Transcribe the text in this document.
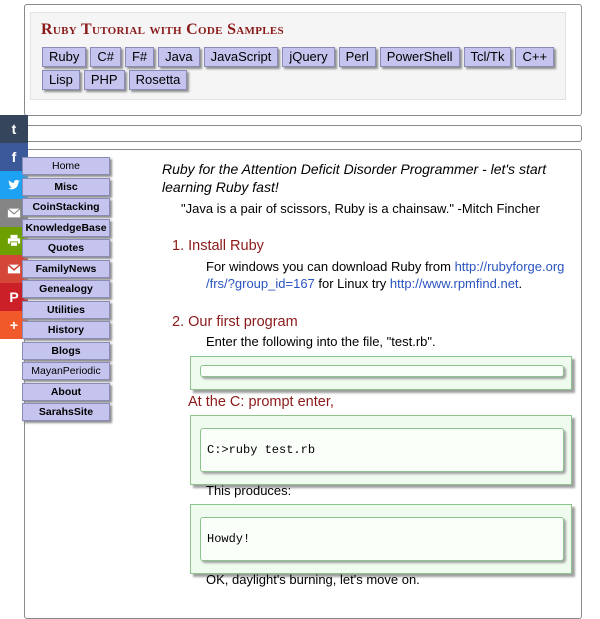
Ruby Tutorial with Code Samples
Ruby	C#	F#	Java	JavaScript	jQuery	Perl	PowerShell	Tcl/Tk	C++
Lisp	PHP	Rosetta
t
f
P
+
Home
Misc
CoinStacking
KnowledgeBase
Quotes
FamilyNews
Genealogy
Utilities
History
Blogs
MayanPeriodic
About
SarahsSite
Ruby for the Attention Deficit Disorder Programmer - let's start learning Ruby fast!
"Java is a pair of scissors, Ruby is a chainsaw." -Mitch Fincher
1. Install Ruby
For windows you can download Ruby from http://rubyforge.org
/frs/?group_id=167 for Linux try http://www.rpmfind.net.
2. Our first program
Enter the following into the file, "test.rb".
At the C: prompt enter,
C:>ruby test.rb
This produces:
Howdy!
OK, daylight's burning, let's move on.
